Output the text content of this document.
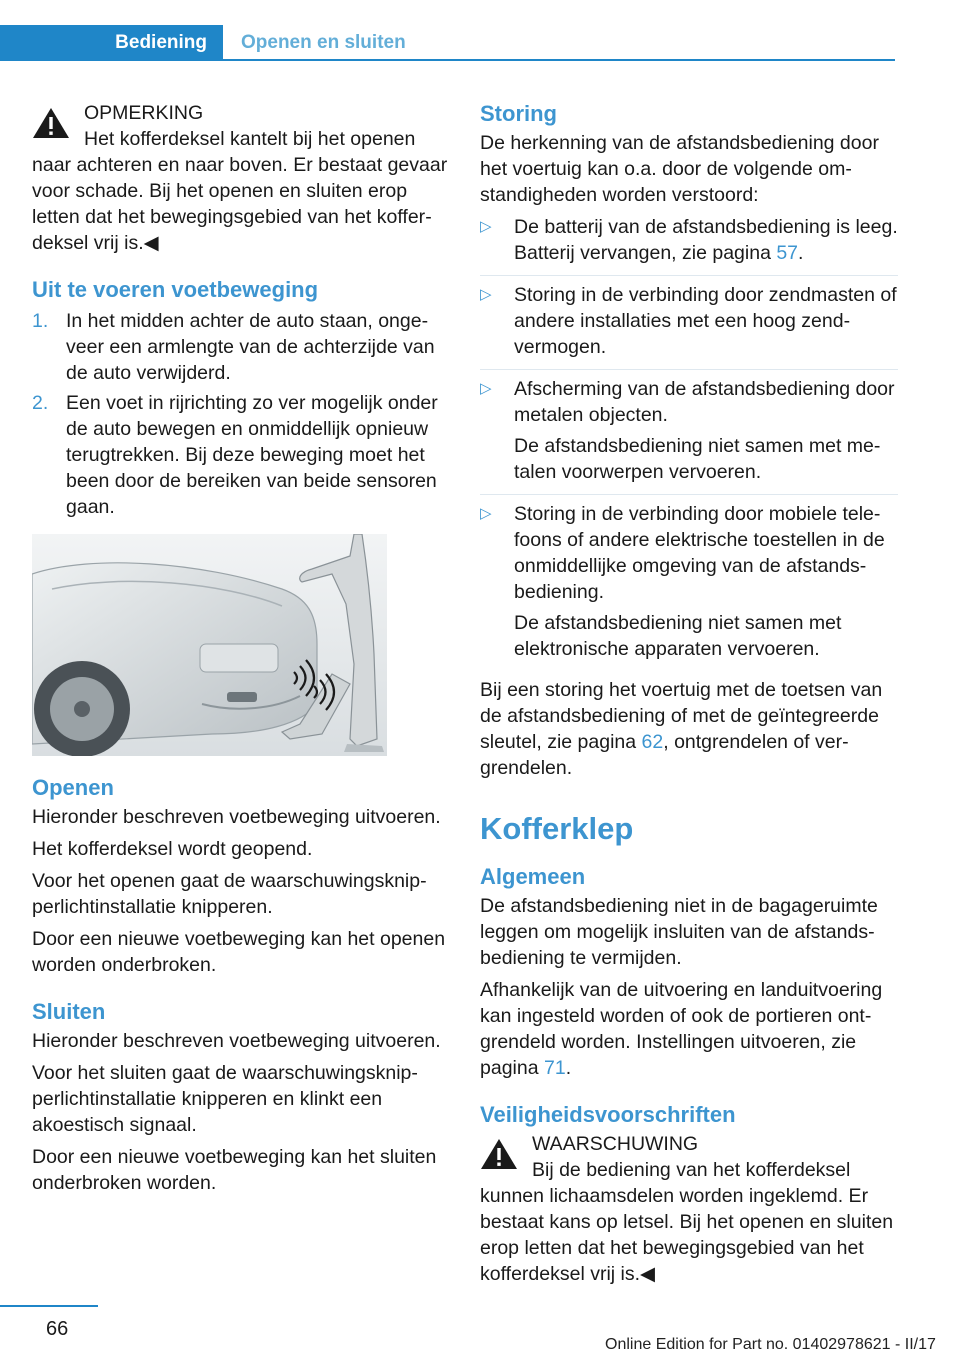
Bediening Openen en sluiten
OPMERKING
Het kofferdeksel kantelt bij het openen naar achteren en naar boven. Er bestaat gevaar voor schade. Bij het openen en sluiten erop letten dat het bewegingsgebied van het kofferdeksel vrij is.◀
Uit te voeren voetbeweging
1. In het midden achter de auto staan, ongeveer een armlengte van de achterzijde van de auto verwijderd.
2. Een voet in rijrichting zo ver mogelijk onder de auto bewegen en onmiddellijk opnieuw terugtrekken. Bij deze beweging moet het been door de bereiken van beide sensoren gaan.
Openen

Hieronder beschreven voetbeweging uitvoeren.

Het kofferdeksel wordt geopend.

Voor het openen gaat de waarschuwingsknipperlichtinstallatie knipperen.

Door een nieuwe voetbeweging kan het openen worden onderbroken.

Sluiten

Hieronder beschreven voetbeweging uitvoeren.

Voor het sluiten gaat de waarschuwingsknipperlichtinstallatie knipperen en klinkt een akoestisch signaal.

Door een nieuwe voetbeweging kan het sluiten onderbroken worden.

Storing

De herkenning van de afstandsbediening door het voertuig kan o.a. door de volgende omstandigheden worden verstoord:

▷ De batterij van de afstandsbediening is leeg. Batterij vervangen, zie pagina 57.

▷ Storing in de verbinding door zendmasten of andere installaties met een hoog zendvermogen.

▷ Afscherming van de afstandsbediening door metalen objecten.

De afstandsbediening niet samen met metalen voorwerpen vervoeren.

▷ Storing in de verbinding door mobiele telefoons of andere elektrische toestellen in de onmiddellijke omgeving van de afstandsbediening.

De afstandsbediening niet samen met elektronische apparaten vervoeren.

Bij een storing het voertuig met de toetsen van de afstandsbediening of met de geïntegreerde sleutel, zie pagina 62, ontgrendelen of vergrendelen.

Kofferklep
Algemeen

De afstandsbediening niet in de bagageruimte leggen om mogelijk insluiten van de afstandsbediening te vermijden.

Afhankelijk van de uitvoering en landuitvoering kan ingesteld worden of ook de portieren ontgrendeld worden. Instellingen uitvoeren, zie pagina 71.

Veiligheidsvoorschriften
WAARSCHUWING
Bij de bediening van het kofferdeksel kunnen lichaamsdelen worden ingeklemd. Er bestaat kans op letsel. Bij het openen en sluiten erop letten dat het bewegingsgebied van het kofferdeksel vrij is.◀
66
Online Edition for Part no. 01402978621 - II/17
